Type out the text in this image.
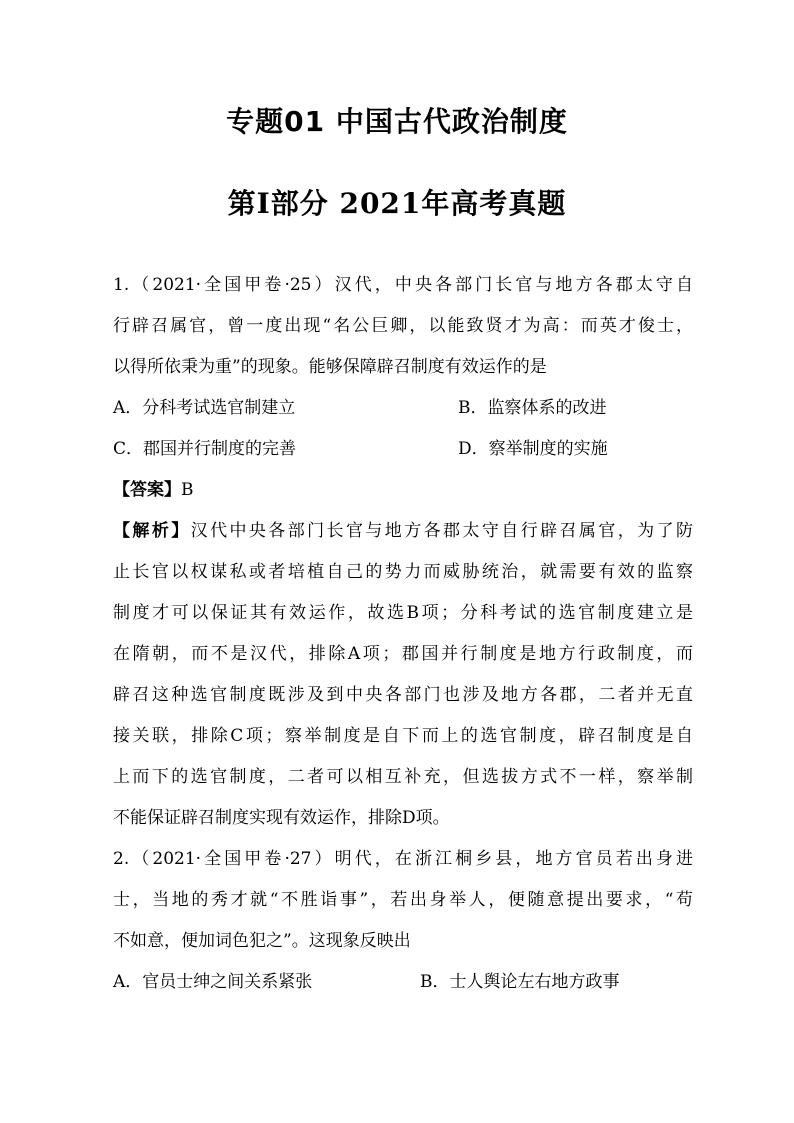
专题01 中国古代政治制度
第Ⅰ部分 2021年高考真题
1.（2021·全国甲卷·25）汉代，中央各部门长官与地方各郡太守自
行辟召属官，曾一度出现“名公巨卿，以能致贤才为高：而英才俊士，
以得所依秉为重”的现象。能够保障辟召制度有效运作的是
A．分科考试选官制建立	B．监察体系的改进
C．郡国并行制度的完善	D．察举制度的实施
【答案】B
【解析】汉代中央各部门长官与地方各郡太守自行辟召属官，为了防
止长官以权谋私或者培植自己的势力而威胁统治，就需要有效的监察
制度才可以保证其有效运作，故选B项；分科考试的选官制度建立是
在隋朝，而不是汉代，排除A项；郡国并行制度是地方行政制度，而
辟召这种选官制度既涉及到中央各部门也涉及地方各郡，二者并无直
接关联，排除C项；察举制度是自下而上的选官制度，辟召制度是自
上而下的选官制度，二者可以相互补充，但选拔方式不一样，察举制
不能保证辟召制度实现有效运作，排除D项。
2.（2021·全国甲卷·27）明代，在浙江桐乡县，地方官员若出身进
士，当地的秀才就“不胜诣事”，若出身举人，便随意提出要求，“苟
不如意，便加词色犯之”。这现象反映出
A．官员士绅之间关系紧张	B．士人舆论左右地方政事
